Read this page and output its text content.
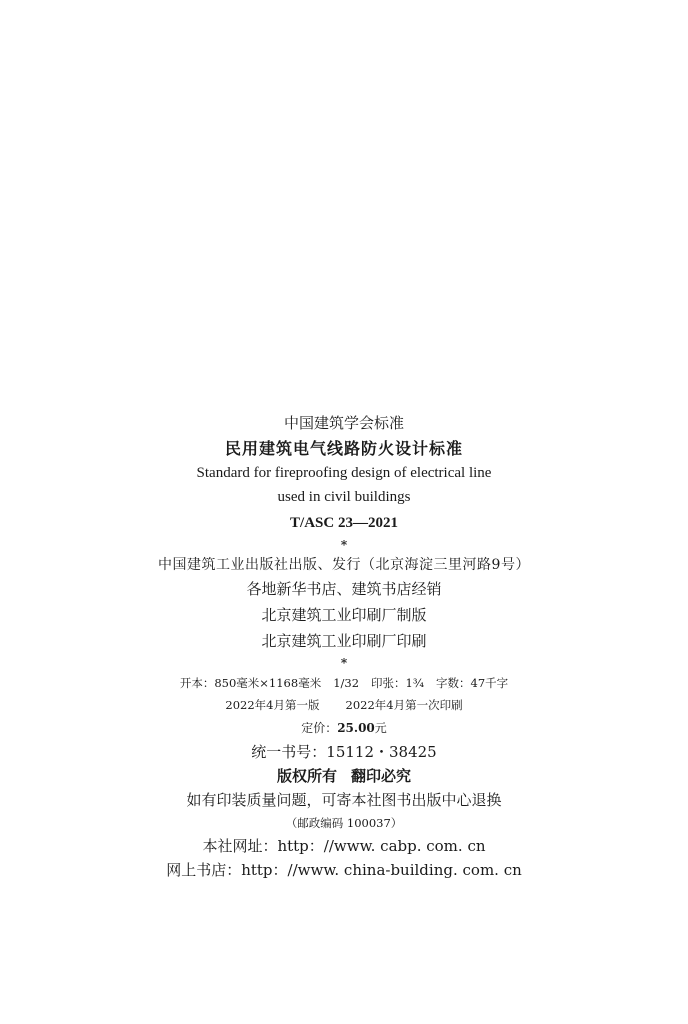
中国建筑学会标准

民用建筑电气线路防火设计标准

Standard for fireproofing design of electrical line

used in civil buildings

T/ASC 23—2021

*

中国建筑工业出版社出版、发行（北京海淀三里河路9号）

各地新华书店、建筑书店经销

北京建筑工业印刷厂制版

北京建筑工业印刷厂印刷

*

开本：850毫米×1168毫米 1/32 印张：1¾ 字数：47千字

2022年4月第一版 2022年4月第一次印刷

定价：25.00元

统一书号：15112・38425

版权所有 翻印必究

如有印装质量问题，可寄本社图书出版中心退换

（邮政编码 100037）

本社网址：http：//www. cabp. com. cn

网上书店：http：//www. china-building. com. cn
